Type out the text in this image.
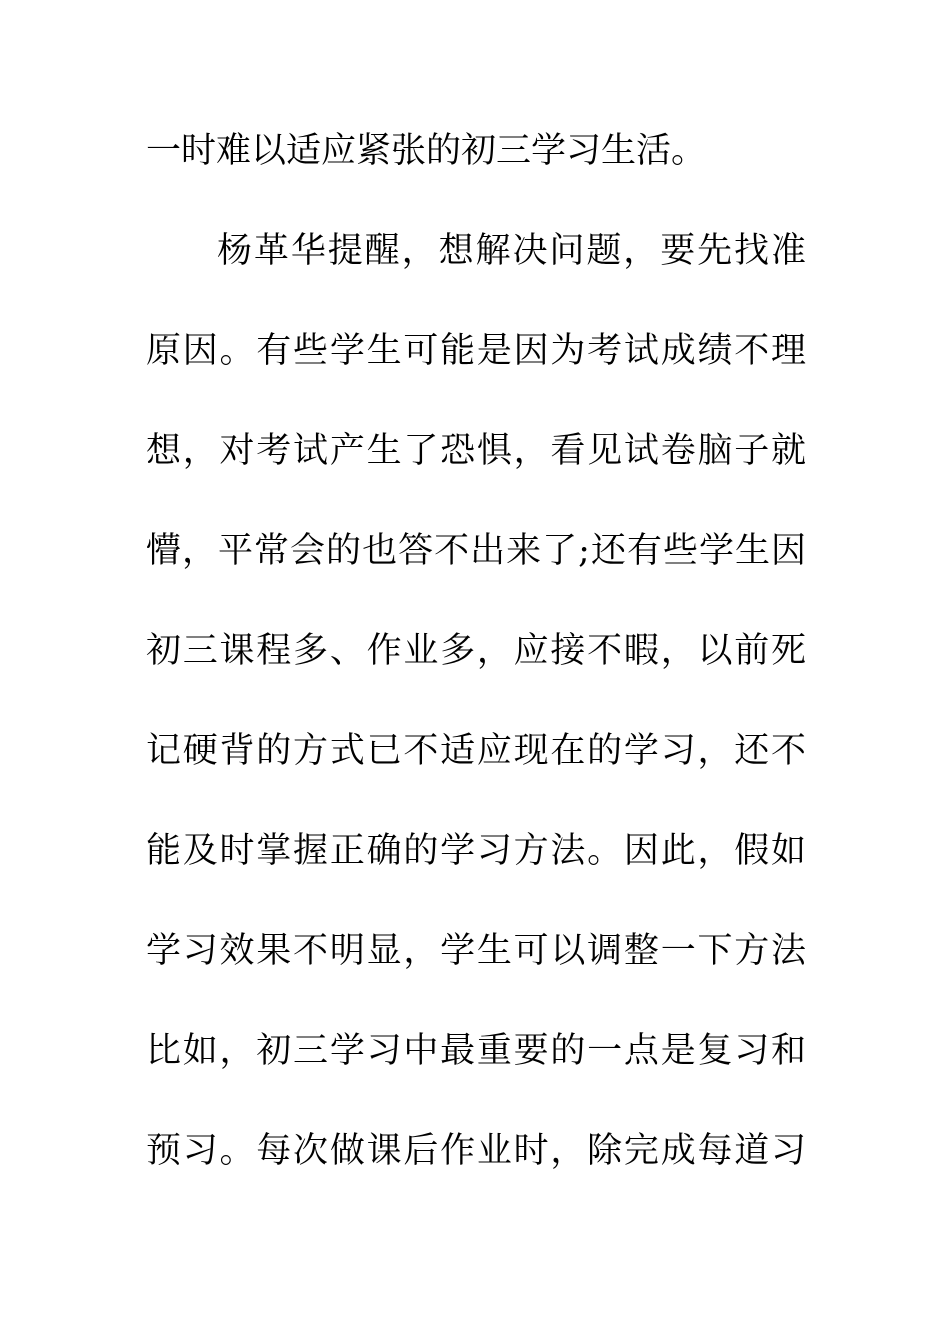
一时难以适应紧张的初三学习生活。
杨革华提醒，想解决问题，要先找准
原因。有些学生可能是因为考试成绩不理
想，对考试产生了恐惧，看见试卷脑子就
懵，平常会的也答不出来了;还有些学生因
初三课程多、作业多，应接不暇，以前死
记硬背的方式已不适应现在的学习，还不
能及时掌握正确的学习方法。因此，假如
学习效果不明显，学生可以调整一下方法
比如，初三学习中最重要的一点是复习和
预习。每次做课后作业时，除完成每道习
